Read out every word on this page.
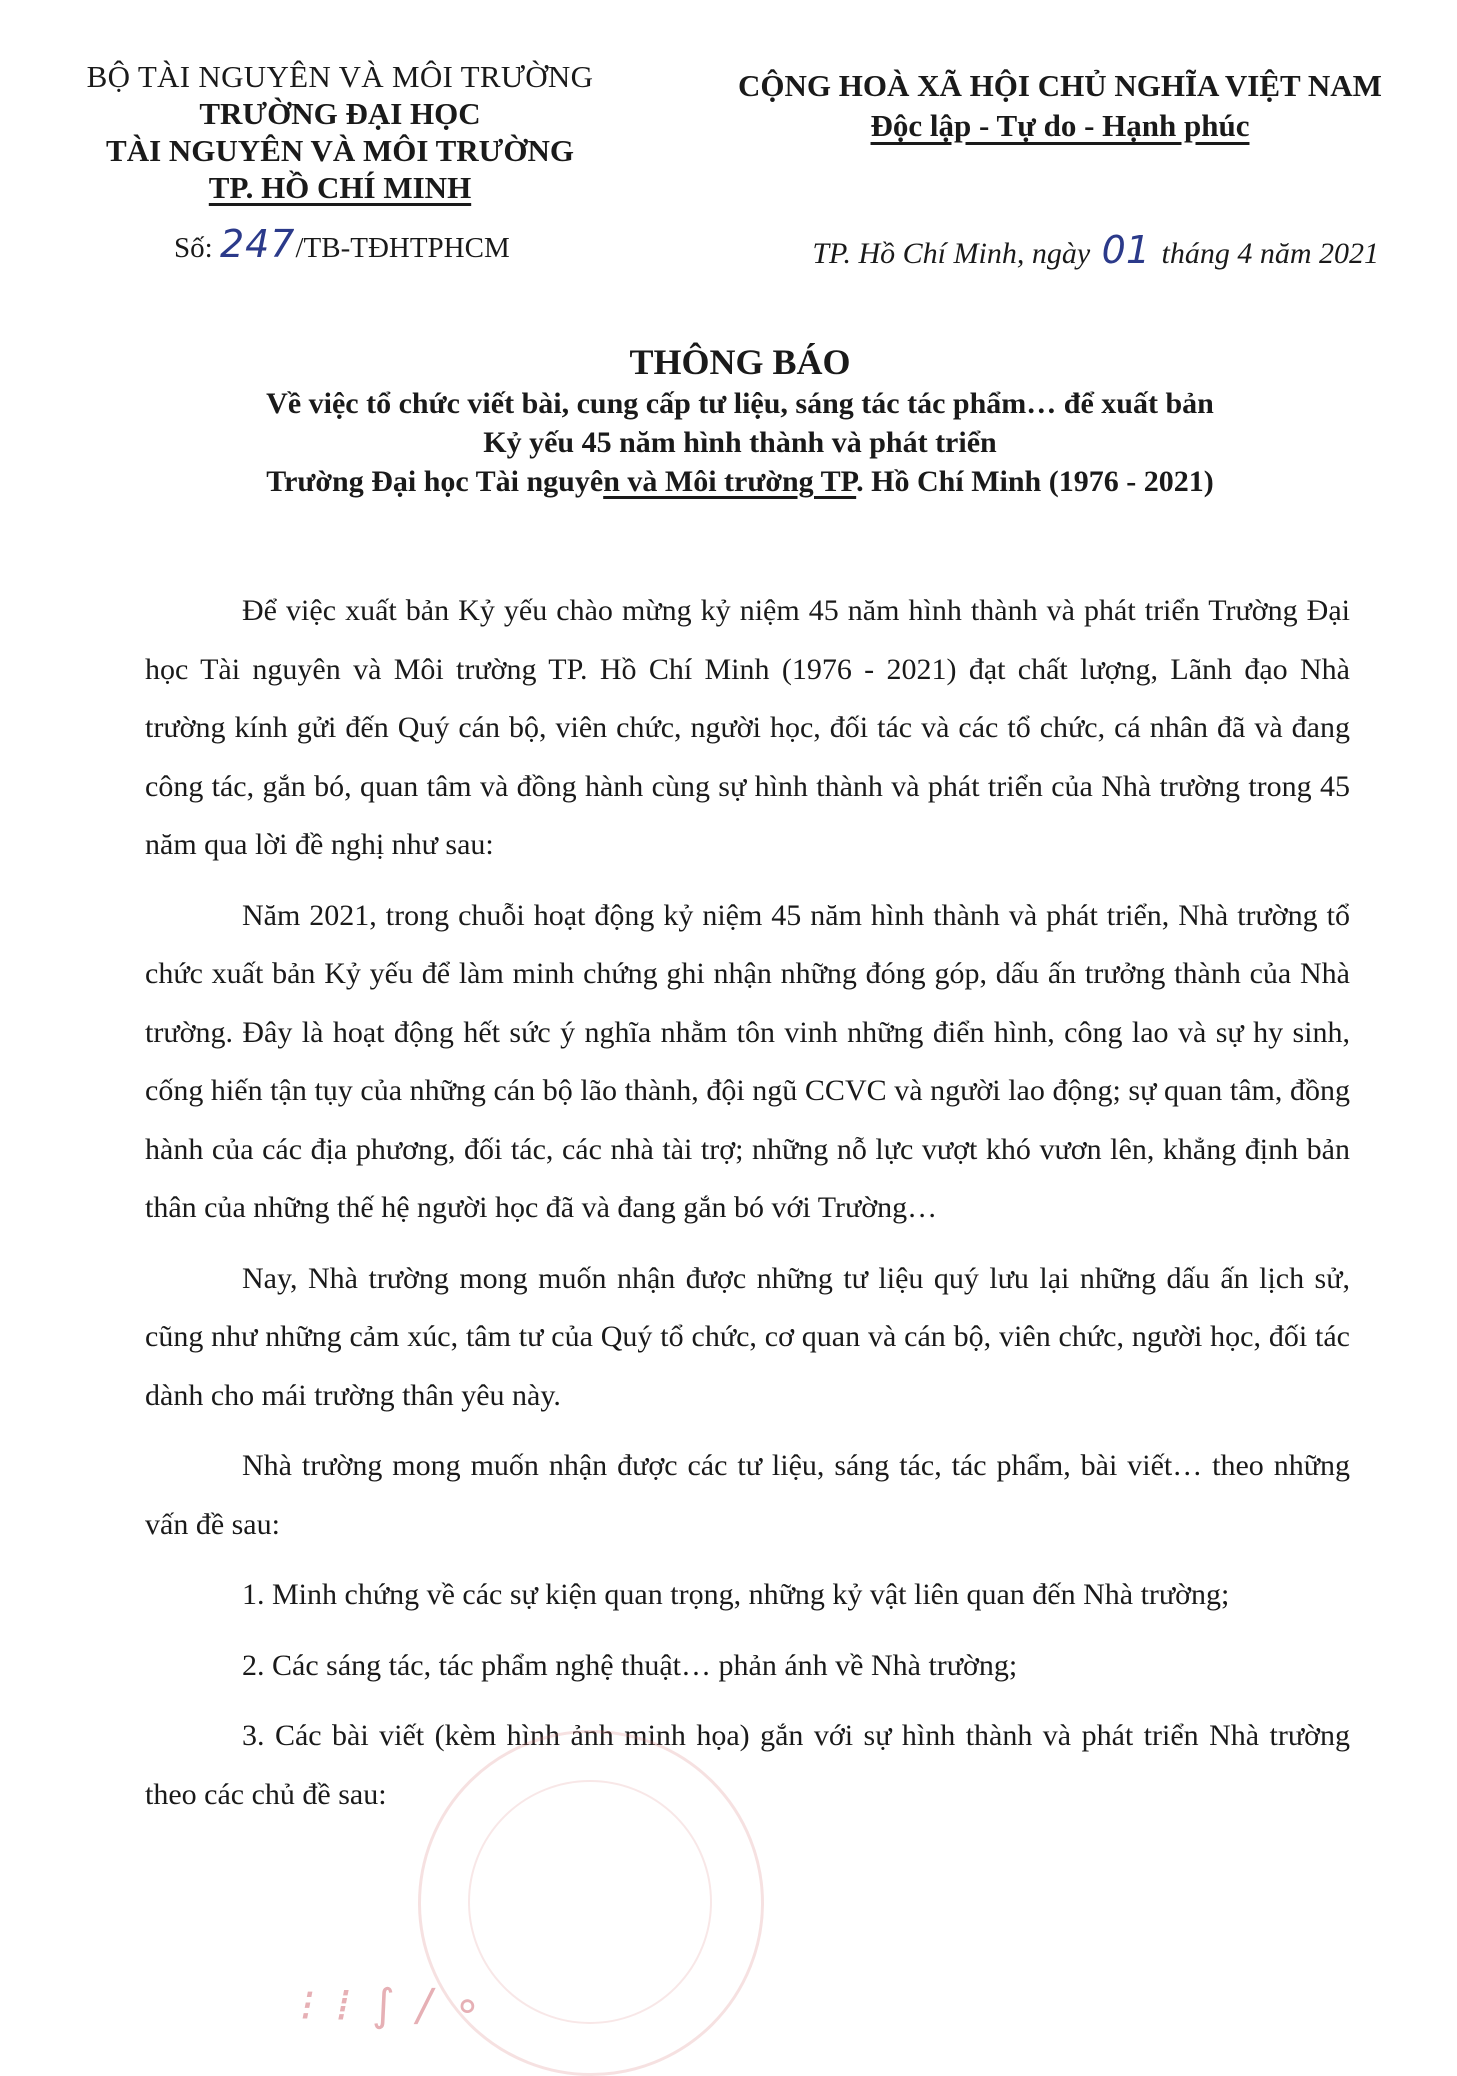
BỘ TÀI NGUYÊN VÀ MÔI TRƯỜNG
TRƯỜNG ĐẠI HỌC
TÀI NGUYÊN VÀ MÔI TRƯỜNG
TP. HỒ CHÍ MINH
CỘNG HOÀ XÃ HỘI CHỦ NGHĨA VIỆT NAM
Độc lập - Tự do - Hạnh phúc
Số: 247/TB-TĐHTPHCM	TP. Hồ Chí Minh, ngày 01 tháng 4 năm 2021
THÔNG BÁO
Về việc tổ chức viết bài, cung cấp tư liệu, sáng tác tác phẩm… để xuất bản
Kỷ yếu 45 năm hình thành và phát triển
Trường Đại học Tài nguyên và Môi trường TP. Hồ Chí Minh (1976 - 2021)

Để việc xuất bản Kỷ yếu chào mừng kỷ niệm 45 năm hình thành và phát triển Trường Đại học Tài nguyên và Môi trường TP. Hồ Chí Minh (1976 - 2021) đạt chất lượng, Lãnh đạo Nhà trường kính gửi đến Quý cán bộ, viên chức, người học, đối tác và các tổ chức, cá nhân đã và đang công tác, gắn bó, quan tâm và đồng hành cùng sự hình thành và phát triển của Nhà trường trong 45 năm qua lời đề nghị như sau:

Năm 2021, trong chuỗi hoạt động kỷ niệm 45 năm hình thành và phát triển, Nhà trường tổ chức xuất bản Kỷ yếu để làm minh chứng ghi nhận những đóng góp, dấu ấn trưởng thành của Nhà trường. Đây là hoạt động hết sức ý nghĩa nhằm tôn vinh những điển hình, công lao và sự hy sinh, cống hiến tận tụy của những cán bộ lão thành, đội ngũ CCVC và người lao động; sự quan tâm, đồng hành của các địa phương, đối tác, các nhà tài trợ; những nỗ lực vượt khó vươn lên, khẳng định bản thân của những thế hệ người học đã và đang gắn bó với Trường…

Nay, Nhà trường mong muốn nhận được những tư liệu quý lưu lại những dấu ấn lịch sử, cũng như những cảm xúc, tâm tư của Quý tổ chức, cơ quan và cán bộ, viên chức, người học, đối tác dành cho mái trường thân yêu này.

Nhà trường mong muốn nhận được các tư liệu, sáng tác, tác phẩm, bài viết… theo những vấn đề sau:

1. Minh chứng về các sự kiện quan trọng, những kỷ vật liên quan đến Nhà trường;

2. Các sáng tác, tác phẩm nghệ thuật… phản ánh về Nhà trường;

3. Các bài viết (kèm hình ảnh minh họa) gắn với sự hình thành và phát triển Nhà trường theo các chủ đề sau:

⁝ ⁞ ∫ ∕ ∘
